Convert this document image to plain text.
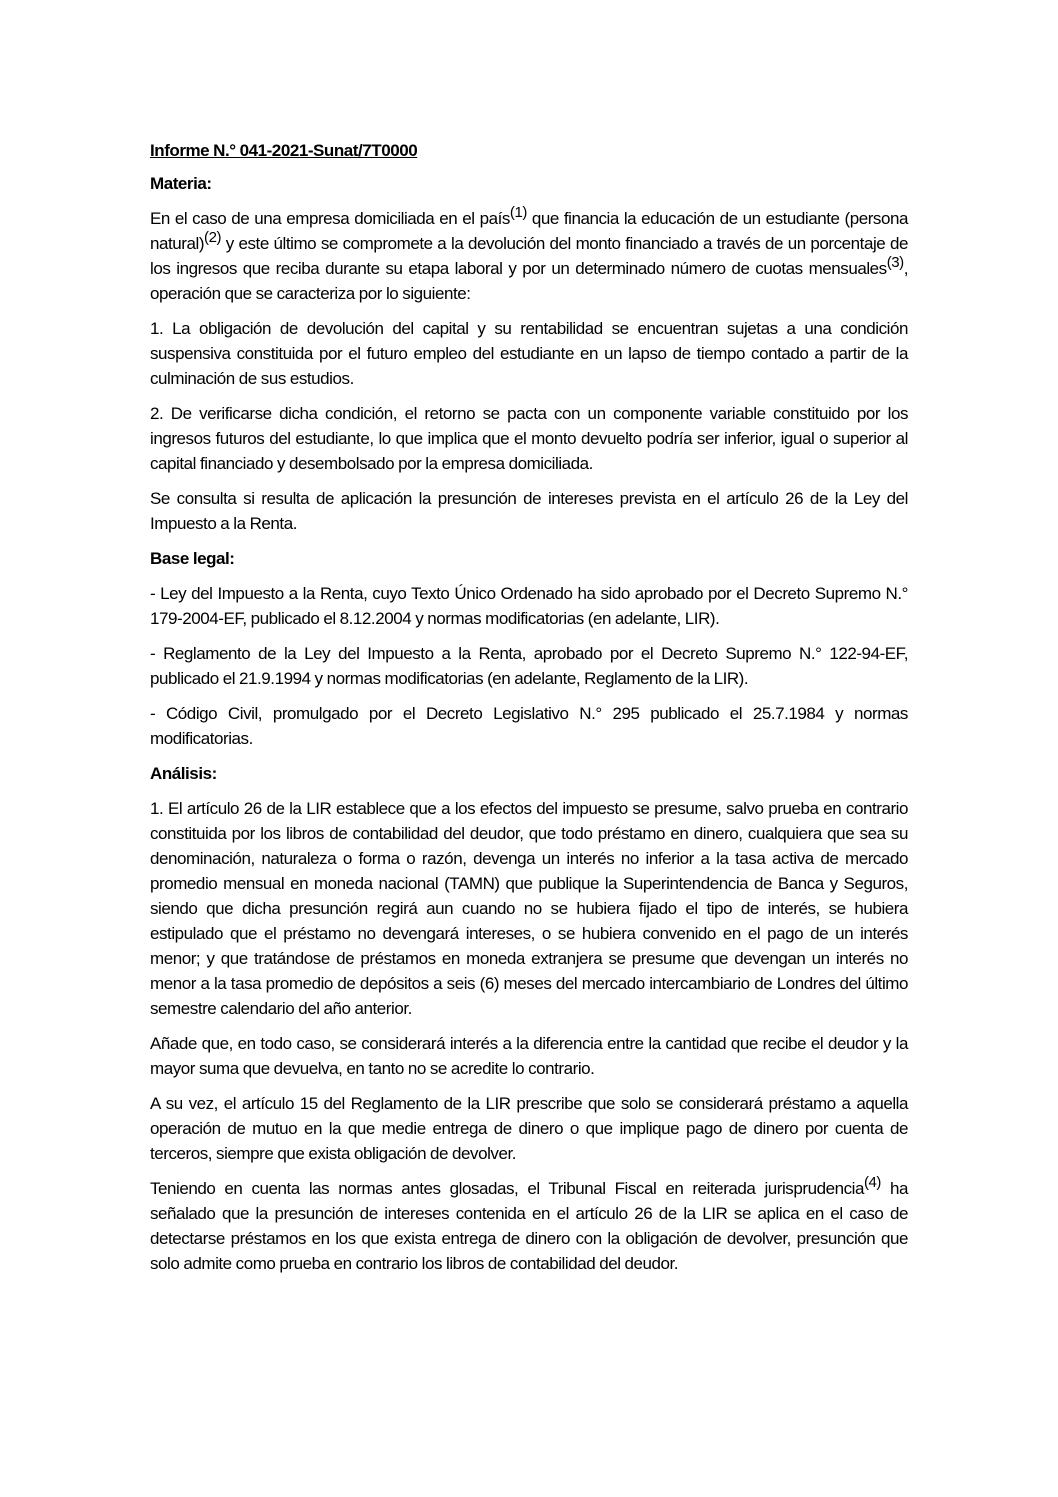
Informe N.° 041-2021-Sunat/7T0000

Materia:

En el caso de una empresa domiciliada en el país$^{(1)}$ que financia la educación de un estudiante (persona natural)$^{(2)}$ y este último se compromete a la devolución del monto financiado a través de un porcentaje de los ingresos que reciba durante su etapa laboral y por un determinado número de cuotas mensuales$^{(3)}$, operación que se caracteriza por lo siguiente:

1. La obligación de devolución del capital y su rentabilidad se encuentran sujetas a una condición suspensiva constituida por el futuro empleo del estudiante en un lapso de tiempo contado a partir de la culminación de sus estudios.

2. De verificarse dicha condición, el retorno se pacta con un componente variable constituido por los ingresos futuros del estudiante, lo que implica que el monto devuelto podría ser inferior, igual o superior al capital financiado y desembolsado por la empresa domiciliada.

Se consulta si resulta de aplicación la presunción de intereses prevista en el artículo 26 de la Ley del Impuesto a la Renta.

Base legal:

- Ley del Impuesto a la Renta, cuyo Texto Único Ordenado ha sido aprobado por el Decreto Supremo N.° 179-2004-EF, publicado el 8.12.2004 y normas modificatorias (en adelante, LIR).

- Reglamento de la Ley del Impuesto a la Renta, aprobado por el Decreto Supremo N.° 122-94-EF, publicado el 21.9.1994 y normas modificatorias (en adelante, Reglamento de la LIR).

- Código Civil, promulgado por el Decreto Legislativo N.° 295 publicado el 25.7.1984 y normas modificatorias.

Análisis:

1. El artículo 26 de la LIR establece que a los efectos del impuesto se presume, salvo prueba en contrario constituida por los libros de contabilidad del deudor, que todo préstamo en dinero, cualquiera que sea su denominación, naturaleza o forma o razón, devenga un interés no inferior a la tasa activa de mercado promedio mensual en moneda nacional (TAMN) que publique la Superintendencia de Banca y Seguros, siendo que dicha presunción regirá aun cuando no se hubiera fijado el tipo de interés, se hubiera estipulado que el préstamo no devengará intereses, o se hubiera convenido en el pago de un interés menor; y que tratándose de préstamos en moneda extranjera se presume que devengan un interés no menor a la tasa promedio de depósitos a seis (6) meses del mercado intercambiario de Londres del último semestre calendario del año anterior.

Añade que, en todo caso, se considerará interés a la diferencia entre la cantidad que recibe el deudor y la mayor suma que devuelva, en tanto no se acredite lo contrario.

A su vez, el artículo 15 del Reglamento de la LIR prescribe que solo se considerará préstamo a aquella operación de mutuo en la que medie entrega de dinero o que implique pago de dinero por cuenta de terceros, siempre que exista obligación de devolver.

Teniendo en cuenta las normas antes glosadas, el Tribunal Fiscal en reiterada jurisprudencia$^{(4)}$ ha señalado que la presunción de intereses contenida en el artículo 26 de la LIR se aplica en el caso de detectarse préstamos en los que exista entrega de dinero con la obligación de devolver, presunción que solo admite como prueba en contrario los libros de contabilidad del deudor.
